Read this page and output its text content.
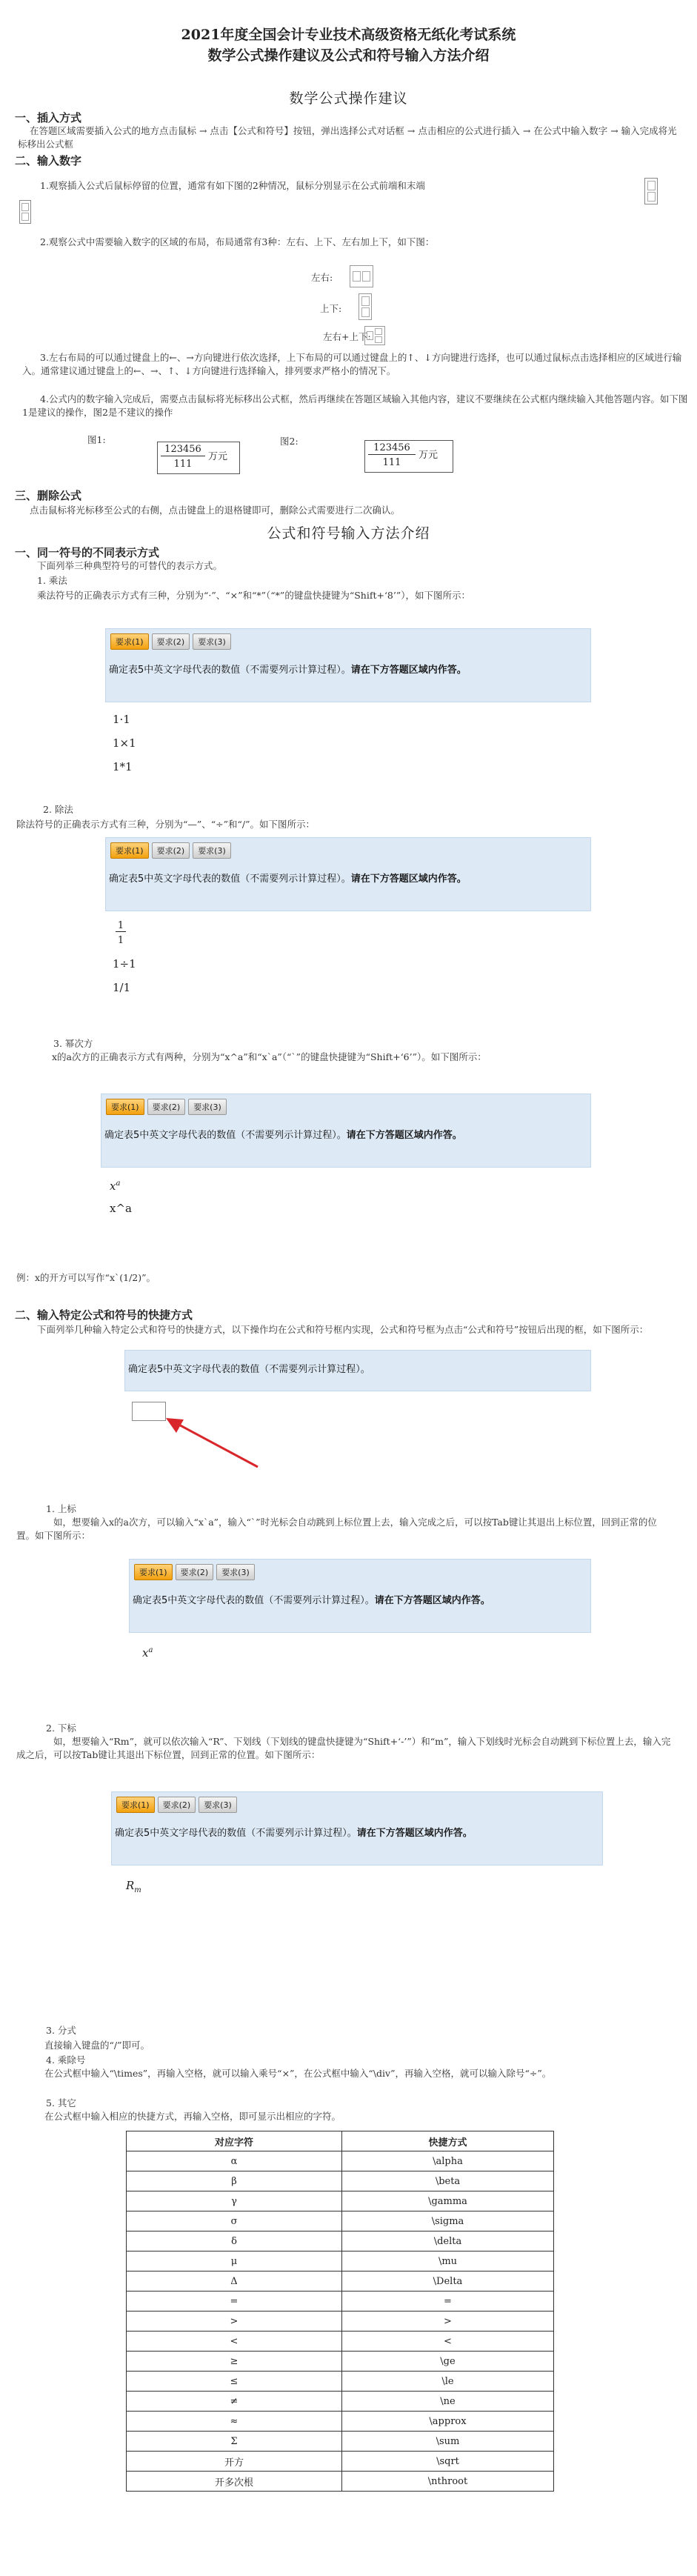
2021年度全国会计专业技术高级资格无纸化考试系统
数学公式操作建议及公式和符号输入方法介绍
数学公式操作建议
一、插入方式
在答题区域需要插入公式的地方点击鼠标 → 点击【公式和符号】按钮，弹出选择公式对话框 → 点击相应的公式进行插入 → 在公式中输入数字 → 输入完成将光标移出公式框
二、输入数字
1.观察插入公式后鼠标停留的位置，通常有如下图的2种情况，鼠标分别显示在公式前端和末端
2.观察公式中需要输入数字的区域的布局，布局通常有3种：左右、上下、左右加上下，如下图：
左右:
上下:
左右+上下:
3.左右布局的可以通过键盘上的←、→方向键进行依次选择，上下布局的可以通过键盘上的↑、↓方向键进行选择，也可以通过鼠标点击选择相应的区域进行输入。通常建议通过键盘上的←、→、↑、↓方向键进行选择输入，排列要求严格小的情况下。
4.公式内的数字输入完成后，需要点击鼠标将光标移出公式框，然后再继续在答题区域输入其他内容，建议不要继续在公式框内继续输入其他答题内容。如下图1是建议的操作，图2是不建议的操作
图1:
123456
111
万元
图2:
123456
111
万元
三、删除公式
点击鼠标将光标移至公式的右侧，点击键盘上的退格键即可，删除公式需要进行二次确认。
公式和符号输入方法介绍
一、同一符号的不同表示方式
下面列举三种典型符号的可替代的表示方式。
1. 乘法
乘法符号的正确表示方式有三种，分别为“·”、“×”和“*”（“*”的键盘快捷键为“Shift+‘8’”），如下图所示：
要求(1)	要求(2)	要求(3)
确定表5中英文字母代表的数值（不需要列示计算过程）。请在下方答题区域内作答。
1·1
1×1
1*1
2. 除法
除法符号的正确表示方式有三种，分别为“—”、“÷”和“/”。如下图所示：
要求(1)	要求(2)	要求(3)
确定表5中英文字母代表的数值（不需要列示计算过程）。请在下方答题区域内作答。
1
1
1÷1
1/1
3. 幂次方
x的a次方的正确表示方式有两种，分别为“x^a”和“x`a”（“`”的键盘快捷键为“Shift+‘6’”）。如下图所示：
要求(1)	要求(2)	要求(3)
确定表5中英文字母代表的数值（不需要列示计算过程）。请在下方答题区域内作答。
$x^a$
x^a
例：x的开方可以写作“x`(1/2)”。
二、输入特定公式和符号的快捷方式
下面列举几种输入特定公式和符号的快捷方式，以下操作均在公式和符号框内实现，公式和符号框为点击“公式和符号”按钮后出现的框，如下图所示：
确定表5中英文字母代表的数值（不需要列示计算过程）。
1. 上标
如，想要输入x的a次方，可以输入“x`a”，输入“`”时光标会自动跳到上标位置上去，输入完成之后，可以按Tab键让其退出上标位置，回到正常的位置。如下图所示：
要求(1)	要求(2)	要求(3)
确定表5中英文字母代表的数值（不需要列示计算过程）。请在下方答题区域内作答。
$x^a$
2. 下标
如，想要输入“Rm”，就可以依次输入“R”、下划线（下划线的键盘快捷键为“Shift+‘-’”）和“m”，输入下划线时光标会自动跳到下标位置上去，输入完成之后，可以按Tab键让其退出下标位置，回到正常的位置。如下图所示：
要求(1)	要求(2)	要求(3)
确定表5中英文字母代表的数值（不需要列示计算过程）。请在下方答题区域内作答。
$R_m$
3. 分式
直接输入键盘的“/”即可。
4. 乘除号
在公式框中输入“\times”，再输入空格，就可以输入乘号“×”，在公式框中输入“\div”，再输入空格，就可以输入除号“÷”。
5. 其它
在公式框中输入相应的快捷方式，再输入空格，即可显示出相应的字符。
对应字符	快捷方式
α	\alpha
β	\beta
γ	\gamma
σ	\sigma
δ	\delta
μ	\mu
Δ	\Delta
=	=
>	>
<	<
≥	\ge
≤	\le
≠	\ne
≈	\approx
Σ	\sum
开方	\sqrt
开多次根	\nthroot
